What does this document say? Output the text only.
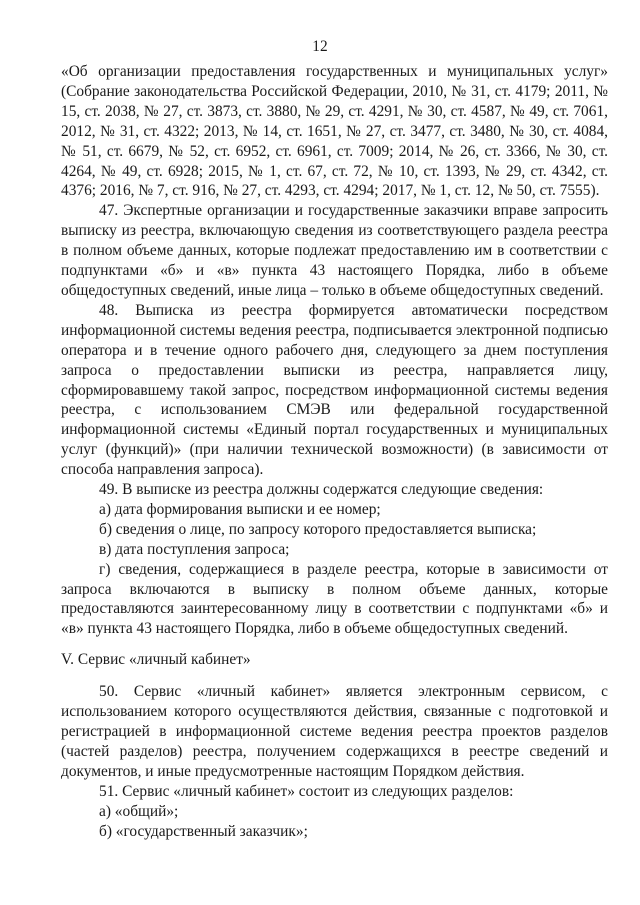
12

«Об организации предоставления государственных и муниципальных услуг» (Собрание законодательства Российской Федерации, 2010, № 31, ст. 4179; 2011, № 15, ст. 2038, № 27, ст. 3873, ст. 3880, № 29, ст. 4291, № 30, ст. 4587, № 49, ст. 7061, 2012, № 31, ст. 4322; 2013, № 14, ст. 1651, № 27, ст. 3477, ст. 3480, № 30, ст. 4084, № 51, ст. 6679, № 52, ст. 6952, ст. 6961, ст. 7009; 2014, № 26, ст. 3366, № 30, ст. 4264, № 49, ст. 6928; 2015, № 1, ст. 67, ст. 72, № 10, ст. 1393, № 29, ст. 4342, ст. 4376; 2016, № 7, ст. 916, № 27, ст. 4293, ст. 4294; 2017, № 1, ст. 12, № 50, ст. 7555).

47. Экспертные организации и государственные заказчики вправе запросить выписку из реестра, включающую сведения из соответствующего раздела реестра в полном объеме данных, которые подлежат предоставлению им в соответствии с подпунктами «б» и «в» пункта 43 настоящего Порядка, либо в объеме общедоступных сведений, иные лица – только в объеме общедоступных сведений.

48. Выписка из реестра формируется автоматически посредством информационной системы ведения реестра, подписывается электронной подписью оператора и в течение одного рабочего дня, следующего за днем поступления запроса о предоставлении выписки из реестра, направляется лицу, сформировавшему такой запрос, посредством информационной системы ведения реестра, с использованием СМЭВ или федеральной государственной информационной системы «Единый портал государственных и муниципальных услуг (функций)» (при наличии технической возможности) (в зависимости от способа направления запроса).

49. В выписке из реестра должны содержатся следующие сведения:

а) дата формирования выписки и ее номер;

б) сведения о лице, по запросу которого предоставляется выписка;

в) дата поступления запроса;

г) сведения, содержащиеся в разделе реестра, которые в зависимости от запроса включаются в выписку в полном объеме данных, которые предоставляются заинтересованному лицу в соответствии с подпунктами «б» и «в» пункта 43 настоящего Порядка, либо в объеме общедоступных сведений.

V. Сервис «личный кабинет»

50. Сервис «личный кабинет» является электронным сервисом, с использованием которого осуществляются действия, связанные с подготовкой и регистрацией в информационной системе ведения реестра проектов разделов (частей разделов) реестра, получением содержащихся в реестре сведений и документов, и иные предусмотренные настоящим Порядком действия.

51. Сервис «личный кабинет» состоит из следующих разделов:

а) «общий»;

б) «государственный заказчик»;
